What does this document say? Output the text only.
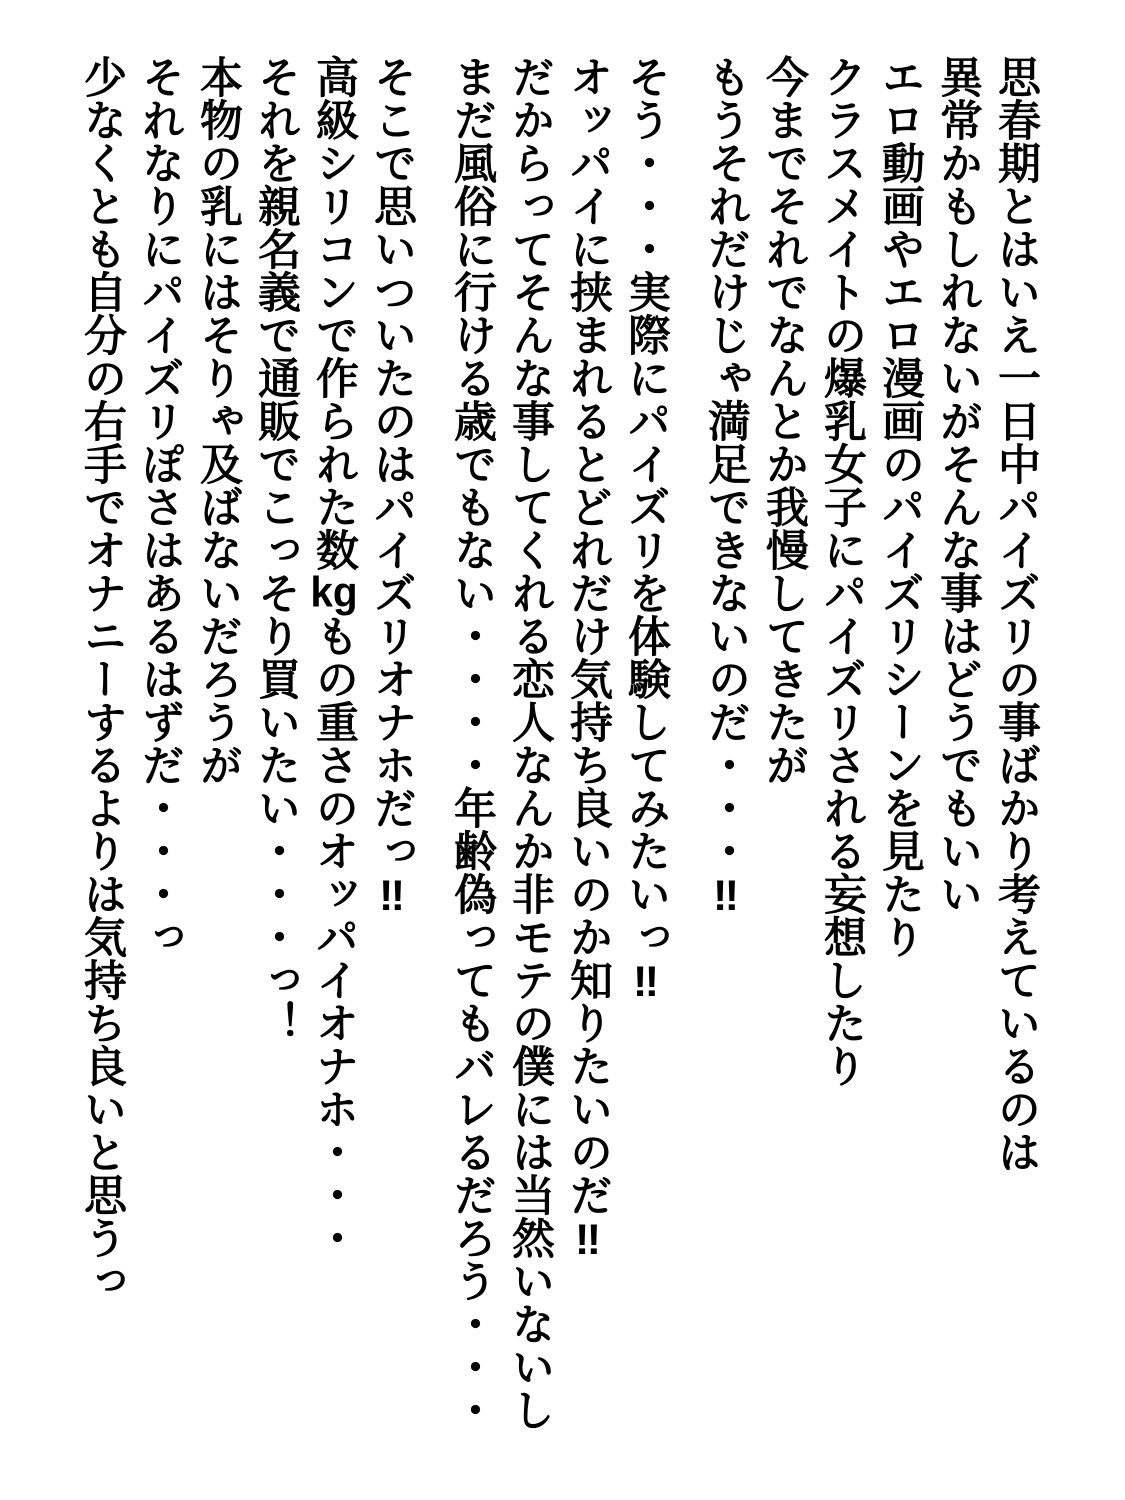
思春期とはいえ一日中パイズリの事ばかり考えているのは

異常かもしれないがそんな事はどうでもいい

エロ動画やエロ漫画のパイズリシーンを見たり

クラスメイトの爆乳女子にパイズリされる妄想したり

今までそれでなんとか我慢してきたが

もうそれだけじゃ満足できないのだ・・・‼

そう・・・実際にパイズリを体験してみたいっ‼

オッパイに挟まれるとどれだけ気持ち良いのか知りたいのだ‼

だからってそんな事してくれる恋人なんか非モテの僕には当然いないし

まだ風俗に行ける歳でもない・・・・年齢偽ってもバレるだろう・・・

そこで思いついたのはパイズリオナホだっ‼

高級シリコンで作られた数kgもの重さのオッパイオナホ・・・

それを親名義で通販でこっそり買いたい・・・っ！

本物の乳にはそりゃ及ばないだろうが

それなりにパイズリぽさはあるはずだ・・・っ

少なくとも自分の右手でオナニーするよりは気持ち良いと思うっ
